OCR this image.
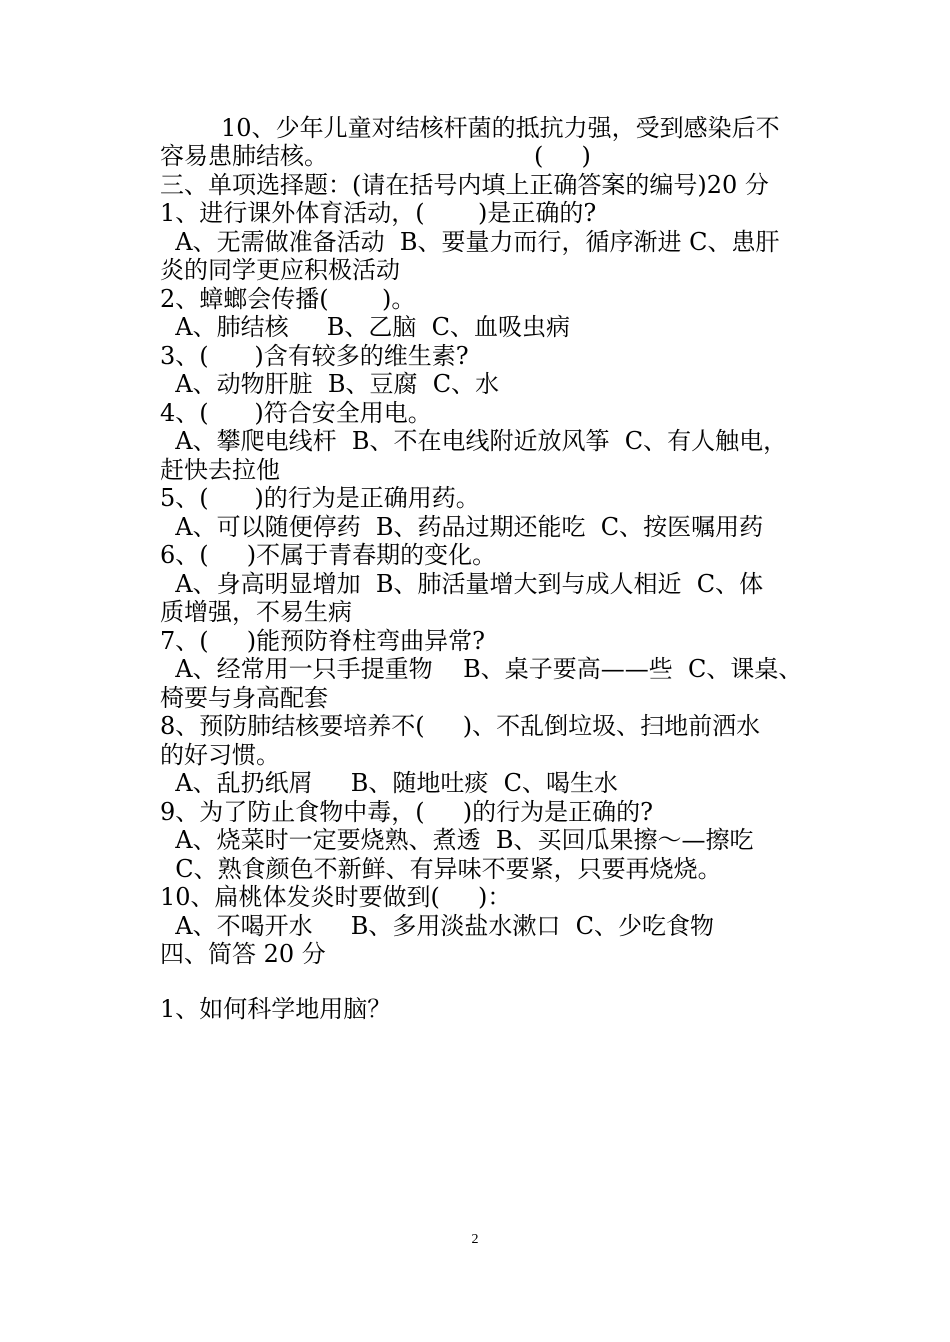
10、少年儿童对结核杆菌的抵抗力强，受到感染后不
容易患肺结核。                           (     )
三、单项选择题：(请在括号内填上正确答案的编号)20 分
1、进行课外体育活动，(       )是正确的?
A、无需做准备活动  B、要量力而行，循序渐进 C、患肝
炎的同学更应积极活动
2、蟑螂会传播(       )。
A、肺结核     B、乙脑  C、血吸虫病
3、(      )含有较多的维生素?
A、动物肝脏  B、豆腐  C、水
4、(      )符合安全用电。
A、攀爬电线杆  B、不在电线附近放风筝  C、有人触电，
赶快去拉他
5、(      )的行为是正确用药。
A、可以随便停药  B、药品过期还能吃  C、按医嘱用药
6、(     )不属于青春期的变化。
A、身高明显增加  B、肺活量增大到与成人相近  C、体
质增强，不易生病
7、(     )能预防脊柱弯曲异常?
A、经常用一只手提重物    B、桌子要高——些  C、课桌、
椅要与身高配套
8、预防肺结核要培养不(     )、不乱倒垃圾、扫地前洒水
的好习惯。
A、乱扔纸屑     B、随地吐痰  C、喝生水
9、为了防止食物中毒，(     )的行为是正确的?
A、烧菜时一定要烧熟、煮透  B、买回瓜果擦～—擦吃
C、熟食颜色不新鲜、有异味不要紧，只要再烧烧。
10、扁桃体发炎时要做到(     )：
A、不喝开水     B、多用淡盐水漱口  C、少吃食物
四、简答 20 分
1、如何科学地用脑？
2
